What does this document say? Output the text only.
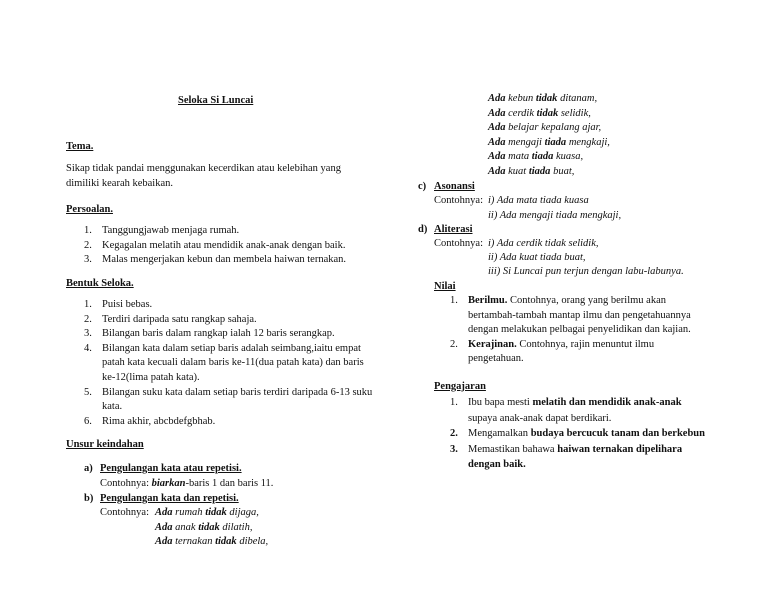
Seloka Si Luncai
Tema.
Sikap tidak pandai menggunakan kecerdikan atau kelebihan yang dimiliki kearah kebaikan.
Persoalan.
1. Tanggungjawab menjaga rumah.
2. Kegagalan melatih atau mendidik anak-anak dengan baik.
3. Malas mengerjakan kebun dan membela haiwan ternakan.
Bentuk Seloka.
1. Puisi bebas.
2. Terdiri daripada satu rangkap sahaja.
3. Bilangan baris dalam rangkap ialah 12 baris serangkap.
4. Bilangan kata dalam setiap baris adalah seimbang,iaitu empat patah kata kecuali dalam baris ke-11(dua patah kata) dan baris ke-12(lima patah kata).
5. Bilangan suku kata dalam setiap baris terdiri daripada 6-13 suku kata.
6. Rima akhir, abcbdefgbhab.
Unsur keindahan
a) Pengulangan kata atau repetisi.
Contohnya: biarkan-baris 1 dan baris 11.
b) Pengulangan kata dan repetisi.
Contohnya: Ada rumah tidak dijaga,
Ada anak tidak dilatih,
Ada ternakan tidak dibela,
Ada kebun tidak ditanam,
Ada cerdik tidak selidik,
Ada belajar kepalang ajar,
Ada mengaji tiada mengkaji,
Ada mata tiada kuasa,
Ada kuat tiada buat,
c) Asonansi
Contohnya: i) Ada mata tiada kuasa
ii) Ada mengaji tiada mengkaji,
d) Aliterasi
Contohnya: i) Ada cerdik tidak selidik,
ii) Ada kuat tiada buat,
iii) Si Luncai pun terjun dengan labu-labunya.
Nilai
1. Berilmu. Contohnya, orang yang berilmu akan bertambah-tambah mantap ilmu dan pengetahuannya dengan melakukan pelbagai penyelidikan dan kajian.
2. Kerajinan. Contohnya, rajin menuntut ilmu pengetahuan.
Pengajaran
1. Ibu bapa mesti melatih dan mendidik anak-anak supaya anak-anak dapat berdikari.
2. Mengamalkan budaya bercucuk tanam dan berkebun
3. Memastikan bahawa haiwan ternakan dipelihara dengan baik.
